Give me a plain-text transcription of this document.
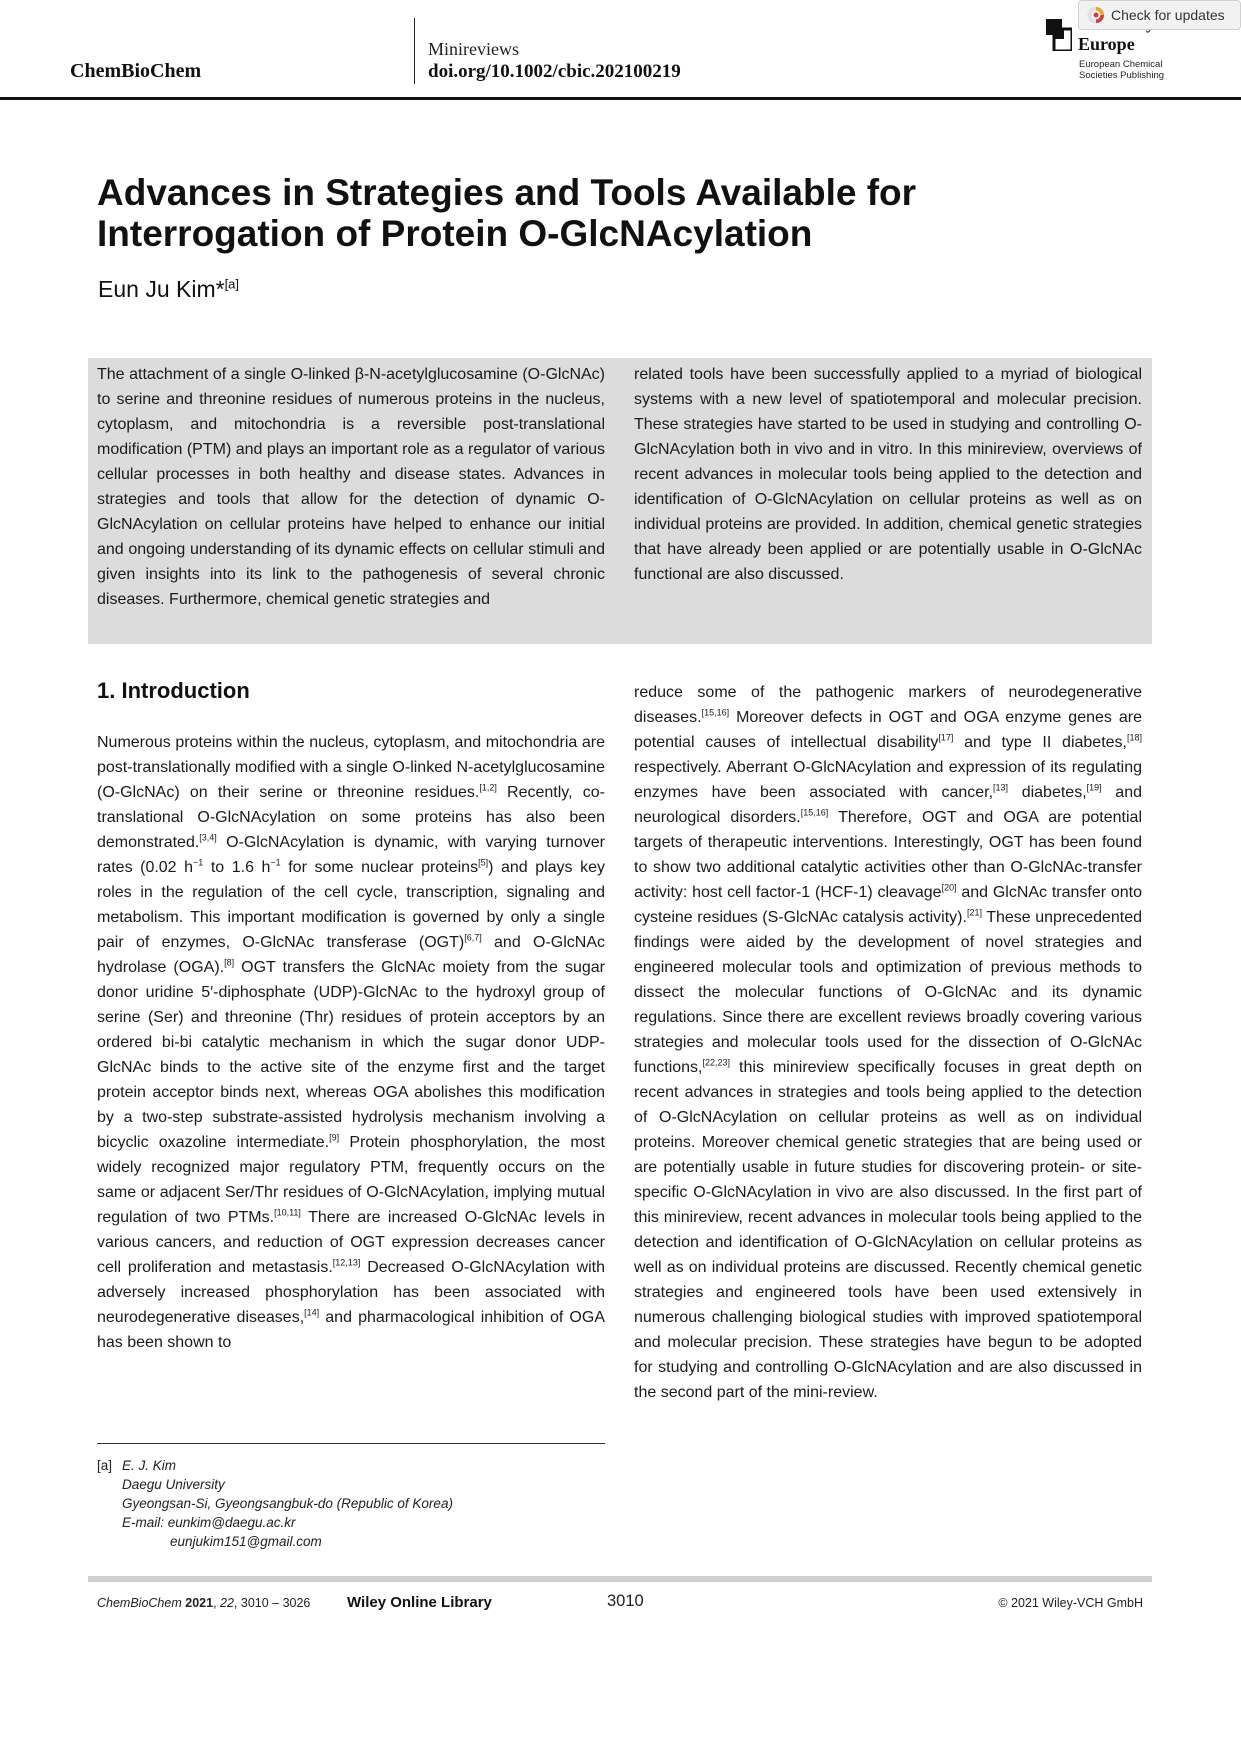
ChemBioChem
Minireviews
doi.org/10.1002/cbic.202100219
Europe
European Chemical
Societies Publishing
Check for updates
Advances in Strategies and Tools Available for Interrogation of Protein O-GlcNAcylation
Eun Ju Kim*[a]
The attachment of a single O-linked β-N-acetylglucosamine (O-GlcNAc) to serine and threonine residues of numerous proteins in the nucleus, cytoplasm, and mitochondria is a reversible post-translational modification (PTM) and plays an important role as a regulator of various cellular processes in both healthy and disease states. Advances in strategies and tools that allow for the detection of dynamic O-GlcNAcylation on cellular proteins have helped to enhance our initial and ongoing understanding of its dynamic effects on cellular stimuli and given insights into its link to the pathogenesis of several chronic diseases. Furthermore, chemical genetic strategies and
related tools have been successfully applied to a myriad of biological systems with a new level of spatiotemporal and molecular precision. These strategies have started to be used in studying and controlling O-GlcNAcylation both in vivo and in vitro. In this minireview, overviews of recent advances in molecular tools being applied to the detection and identification of O-GlcNAcylation on cellular proteins as well as on individual proteins are provided. In addition, chemical genetic strategies that have already been applied or are potentially usable in O-GlcNAc functional are also discussed.
1. Introduction
Numerous proteins within the nucleus, cytoplasm, and mitochondria are post-translationally modified with a single O-linked N-acetylglucosamine (O-GlcNAc) on their serine or threonine residues.[1,2] Recently, co-translational O-GlcNAcylation on some proteins has also been demonstrated.[3,4] O-GlcNAcylation is dynamic, with varying turnover rates (0.02 $h^{-1}$ to 1.6 $h^{-1}$ for some nuclear proteins[5]) and plays key roles in the regulation of the cell cycle, transcription, signaling and metabolism. This important modification is governed by only a single pair of enzymes, O-GlcNAc transferase (OGT)[6,7] and O-GlcNAc hydrolase (OGA).[8] OGT transfers the GlcNAc moiety from the sugar donor uridine 5′-diphosphate (UDP)-GlcNAc to the hydroxyl group of serine (Ser) and threonine (Thr) residues of protein acceptors by an ordered bi-bi catalytic mechanism in which the sugar donor UDP-GlcNAc binds to the active site of the enzyme first and the target protein acceptor binds next, whereas OGA abolishes this modification by a two-step substrate-assisted hydrolysis mechanism involving a bicyclic oxazoline intermediate.[9] Protein phosphorylation, the most widely recognized major regulatory PTM, frequently occurs on the same or adjacent Ser/Thr residues of O-GlcNAcylation, implying mutual regulation of two PTMs.[10,11] There are increased O-GlcNAc levels in various cancers, and reduction of OGT expression decreases cancer cell proliferation and metastasis.[12,13] Decreased O-GlcNAcylation with adversely increased phosphorylation has been associated with neurodegenerative diseases,[14] and pharmacological inhibition of OGA has been shown to
reduce some of the pathogenic markers of neurodegenerative diseases.[15,16] Moreover defects in OGT and OGA enzyme genes are potential causes of intellectual disability[17] and type II diabetes,[18] respectively. Aberrant O-GlcNAcylation and expression of its regulating enzymes have been associated with cancer,[13] diabetes,[19] and neurological disorders.[15,16] Therefore, OGT and OGA are potential targets of therapeutic interventions. Interestingly, OGT has been found to show two additional catalytic activities other than O-GlcNAc-transfer activity: host cell factor-1 (HCF-1) cleavage[20] and GlcNAc transfer onto cysteine residues (S-GlcNAc catalysis activity).[21] These unprecedented findings were aided by the development of novel strategies and engineered molecular tools and optimization of previous methods to dissect the molecular functions of O-GlcNAc and its dynamic regulations. Since there are excellent reviews broadly covering various strategies and molecular tools used for the dissection of O-GlcNAc functions,[22,23] this minireview specifically focuses in great depth on recent advances in strategies and tools being applied to the detection of O-GlcNAcylation on cellular proteins as well as on individual proteins. Moreover chemical genetic strategies that are being used or are potentially usable in future studies for discovering protein- or site-specific O-GlcNAcylation in vivo are also discussed. In the first part of this minireview, recent advances in molecular tools being applied to the detection and identification of O-GlcNAcylation on cellular proteins as well as on individual proteins are discussed. Recently chemical genetic strategies and engineered tools have been used extensively in numerous challenging biological studies with improved spatiotemporal and molecular precision. These strategies have begun to be adopted for studying and controlling O-GlcNAcylation and are also discussed in the second part of the mini-review.
[a] E. J. Kim
Daegu University
Gyeongsan-Si, Gyeongsangbuk-do (Republic of Korea)
E-mail: eunkim@daegu.ac.kr
eunjukim151@gmail.com
ChemBioChem 2021, 22, 3010 – 3026 Wiley Online Library	3010	© 2021 Wiley-VCH GmbH
